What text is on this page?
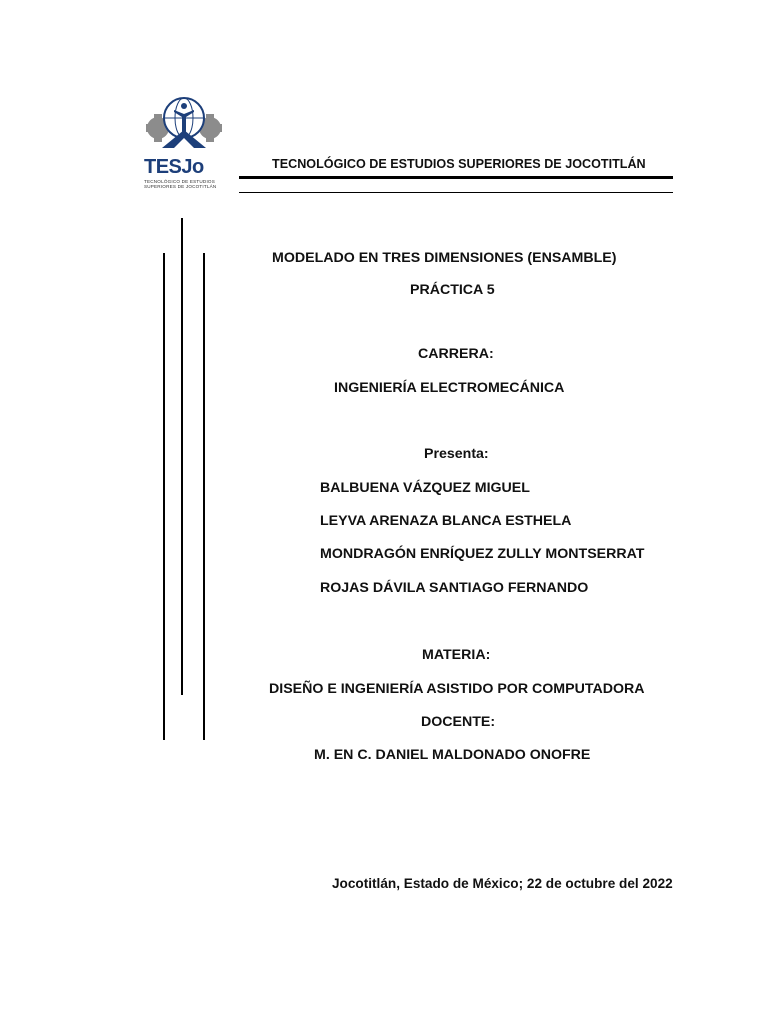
TESJo
TECNOLÓGICO DE ESTUDIOS
SUPERIORES DE JOCOTITLÁN
TECNOLÓGICO DE ESTUDIOS SUPERIORES DE JOCOTITLÁN
MODELADO EN TRES DIMENSIONES (ENSAMBLE)
PRÁCTICA 5
CARRERA:
INGENIERÍA ELECTROMECÁNICA
Presenta:
BALBUENA VÁZQUEZ MIGUEL
LEYVA ARENAZA BLANCA ESTHELA
MONDRAGÓN ENRÍQUEZ ZULLY MONTSERRAT
ROJAS DÁVILA SANTIAGO FERNANDO
MATERIA:
DISEÑO E INGENIERÍA ASISTIDO POR COMPUTADORA
DOCENTE:
M. EN C. DANIEL MALDONADO ONOFRE
Jocotitlán, Estado de México; 22 de octubre del 2022
